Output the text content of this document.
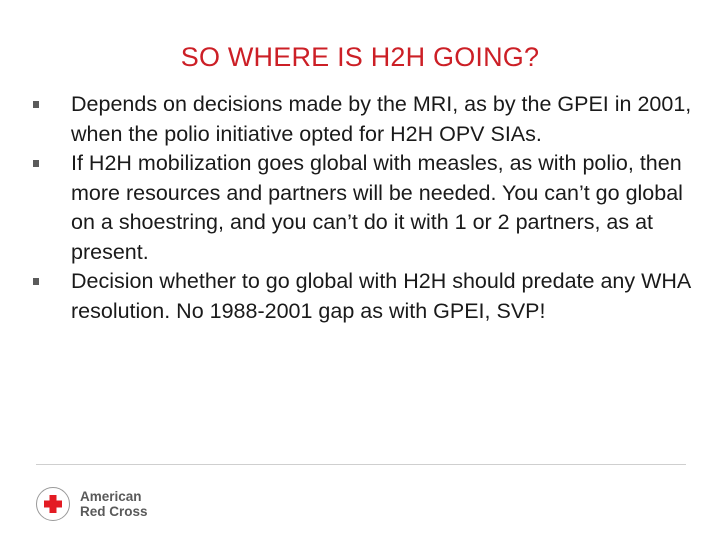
SO WHERE IS H2H GOING?
Depends on decisions made by the MRI, as by the GPEI in 2001, when the polio initiative opted for H2H OPV SIAs.
If H2H mobilization goes global with measles, as with polio, then more resources and partners will be needed. You can’t go global on a shoestring, and you can’t do it with 1 or 2 partners, as at present.
Decision whether to go global with H2H should predate any WHA resolution. No 1988-2001 gap as with GPEI, SVP!
American
Red Cross
